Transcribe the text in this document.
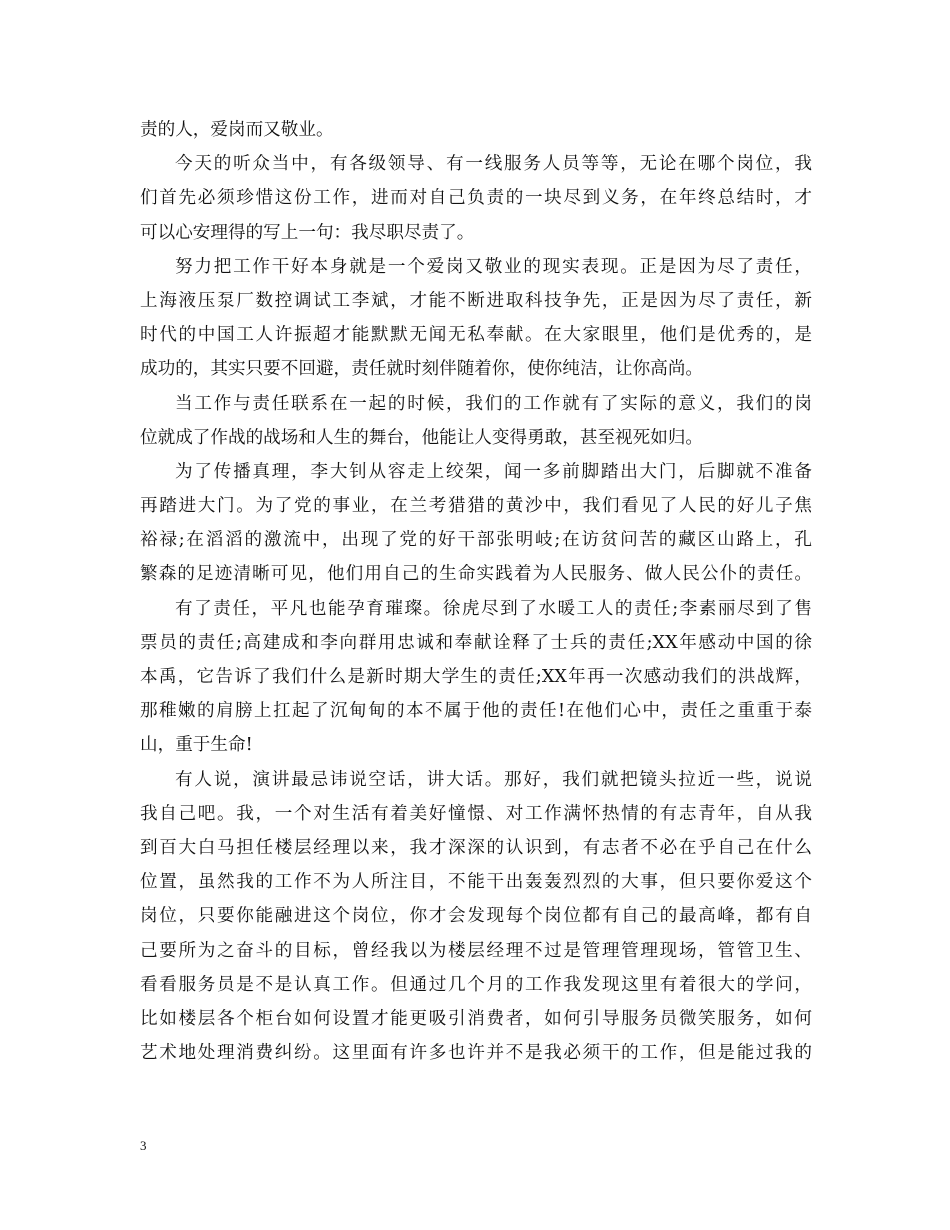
责的人，爱岗而又敬业。
今天的听众当中，有各级领导、有一线服务人员等等，无论在哪个岗位，我
们首先必须珍惜这份工作，进而对自己负责的一块尽到义务，在年终总结时，才
可以心安理得的写上一句：我尽职尽责了。
努力把工作干好本身就是一个爱岗又敬业的现实表现。正是因为尽了责任，
上海液压泵厂数控调试工李斌，才能不断进取科技争先，正是因为尽了责任，新
时代的中国工人许振超才能默默无闻无私奉献。在大家眼里，他们是优秀的，是
成功的，其实只要不回避，责任就时刻伴随着你，使你纯洁，让你高尚。
当工作与责任联系在一起的时候，我们的工作就有了实际的意义，我们的岗
位就成了作战的战场和人生的舞台，他能让人变得勇敢，甚至视死如归。
为了传播真理，李大钊从容走上绞架，闻一多前脚踏出大门，后脚就不准备
再踏进大门。为了党的事业，在兰考猎猎的黄沙中，我们看见了人民的好儿子焦
裕禄;在滔滔的激流中，出现了党的好干部张明岐;在访贫问苦的藏区山路上，孔
繁森的足迹清晰可见，他们用自己的生命实践着为人民服务、做人民公仆的责任。
有了责任，平凡也能孕育璀璨。徐虎尽到了水暖工人的责任;李素丽尽到了售
票员的责任;高建成和李向群用忠诚和奉献诠释了士兵的责任;XX年感动中国的徐
本禹，它告诉了我们什么是新时期大学生的责任;XX年再一次感动我们的洪战辉，
那稚嫩的肩膀上扛起了沉甸甸的本不属于他的责任!在他们心中，责任之重重于泰
山，重于生命!
有人说，演讲最忌讳说空话，讲大话。那好，我们就把镜头拉近一些，说说
我自己吧。我，一个对生活有着美好憧憬、对工作满怀热情的有志青年，自从我
到百大白马担任楼层经理以来，我才深深的认识到，有志者不必在乎自己在什么
位置，虽然我的工作不为人所注目，不能干出轰轰烈烈的大事，但只要你爱这个
岗位，只要你能融进这个岗位，你才会发现每个岗位都有自己的最高峰，都有自
己要所为之奋斗的目标，曾经我以为楼层经理不过是管理管理现场，管管卫生、
看看服务员是不是认真工作。但通过几个月的工作我发现这里有着很大的学问，
比如楼层各个柜台如何设置才能更吸引消费者，如何引导服务员微笑服务，如何
艺术地处理消费纠纷。这里面有许多也许并不是我必须干的工作，但是能过我的
3
